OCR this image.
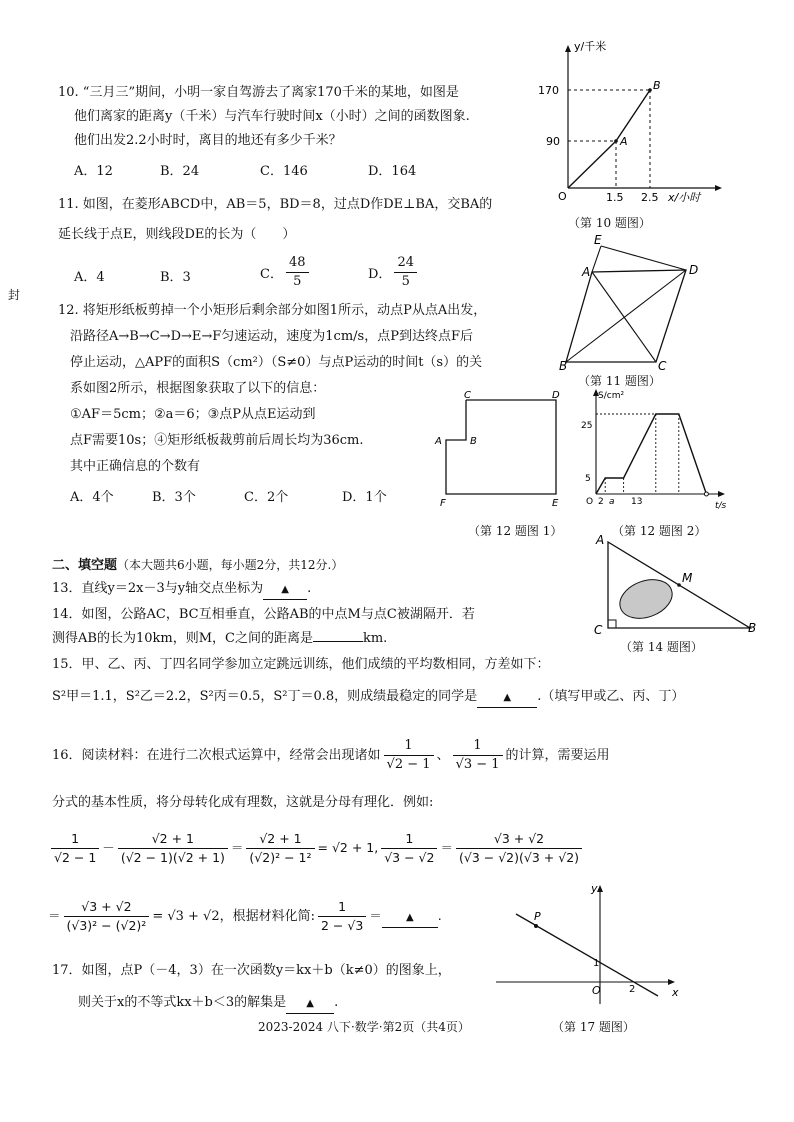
封
10. “三月三”期间，小明一家自驾游去了离家170千米的某地，如图是
他们离家的距离y（千米）与汽车行驶时间x（小时）之间的函数图象.
他们出发2.2小时时，离目的地还有多少千米？
A．12	B．24	C．146	D．164
y/千米
170
90
O	1.5 2.5 x/小时
A
B
（第 10 题图）
11. 如图，在菱形ABCD中，AB＝5，BD＝8，过点D作DE⊥BA，交BA的
延长线于点E，则线段DE的长为（　　）
A．4	B．3	C． $\frac{48}{5}$	D． $\frac{24}{5}$
E
A	D
B	C
（第 11 题图）
12. 将矩形纸板剪掉一个小矩形后剩余部分如图1所示，动点P从点A出发，
沿路径A→B→C→D→E→F匀速运动，速度为1cm/s，点P到达终点F后
停止运动，△APF的面积S（cm²）（S≠0）与点P运动的时间t（s）的关
系如图2所示，根据图象获取了以下的信息：
①AF＝5cm；②a＝6；③点P从点E运动到
点F需要10s；④矩形纸板裁剪前后周长均为36cm.
其中正确信息的个数有
A．4个	B．3个	C．2个	D．1个
C	D
A	B
F	E
（第 12 题图 1）
S/cm²
t/s
O
25
5
2 a 13
（第 12 题图 2）
二、填空题（本大题共6小题，每小题2分，共12分.）
13．直线y＝2x－3与y轴交点坐标为 ▲ .
14．如图，公路AC，BC互相垂直，公路AB的中点M与点C被湖隔开．若
测得AB的长为10km，则M，C之间的距离是	km.
A
M
C	B
（第 14 题图）
15．甲、乙、丙、丁四名同学参加立定跳远训练，他们成绩的平均数相同，方差如下：
S²甲＝1.1，S²乙＝2.2，S²丙＝0.5，S²丁＝0.8，则成绩最稳定的同学是	▲ .（填写甲或乙、丙、丁）
16．阅读材料：在进行二次根式运算中，经常会出现诸如 $\frac{1}{√2 - 1}$ 、 $\frac{1}{√3 - 1}$ 的计算，需要运用
分式的基本性质，将分母转化成有理数，这就是分母有理化．例如:
$\frac{1}{√2 - 1} - \frac{√2 + 1}{(√2 - 1)(√2 + 1)} = \frac{√2 + 1}{\text{(√2)² − 1²}} = √2 + 1$, $\frac{1}{√3 - √2} = \frac{√3 + √2}{(√3 - √2)(√3 + √2)}$
＝ $\frac{√3 + √2}{\text{(√3)² − (√2)²}} = √3 + √2$，根据材料化简: $\frac{1}{2 - √3}$ ＝ ▲ .
17．如图，点P（－4，3）在一次函数y＝kx＋b（k≠0）的图象上，
则关于x的不等式kx＋b＜3的解集是 ▲ .
P
y
x
O
1
2
（第 17 题图）
2023-2024 八下·数学·第2页（共4页）
